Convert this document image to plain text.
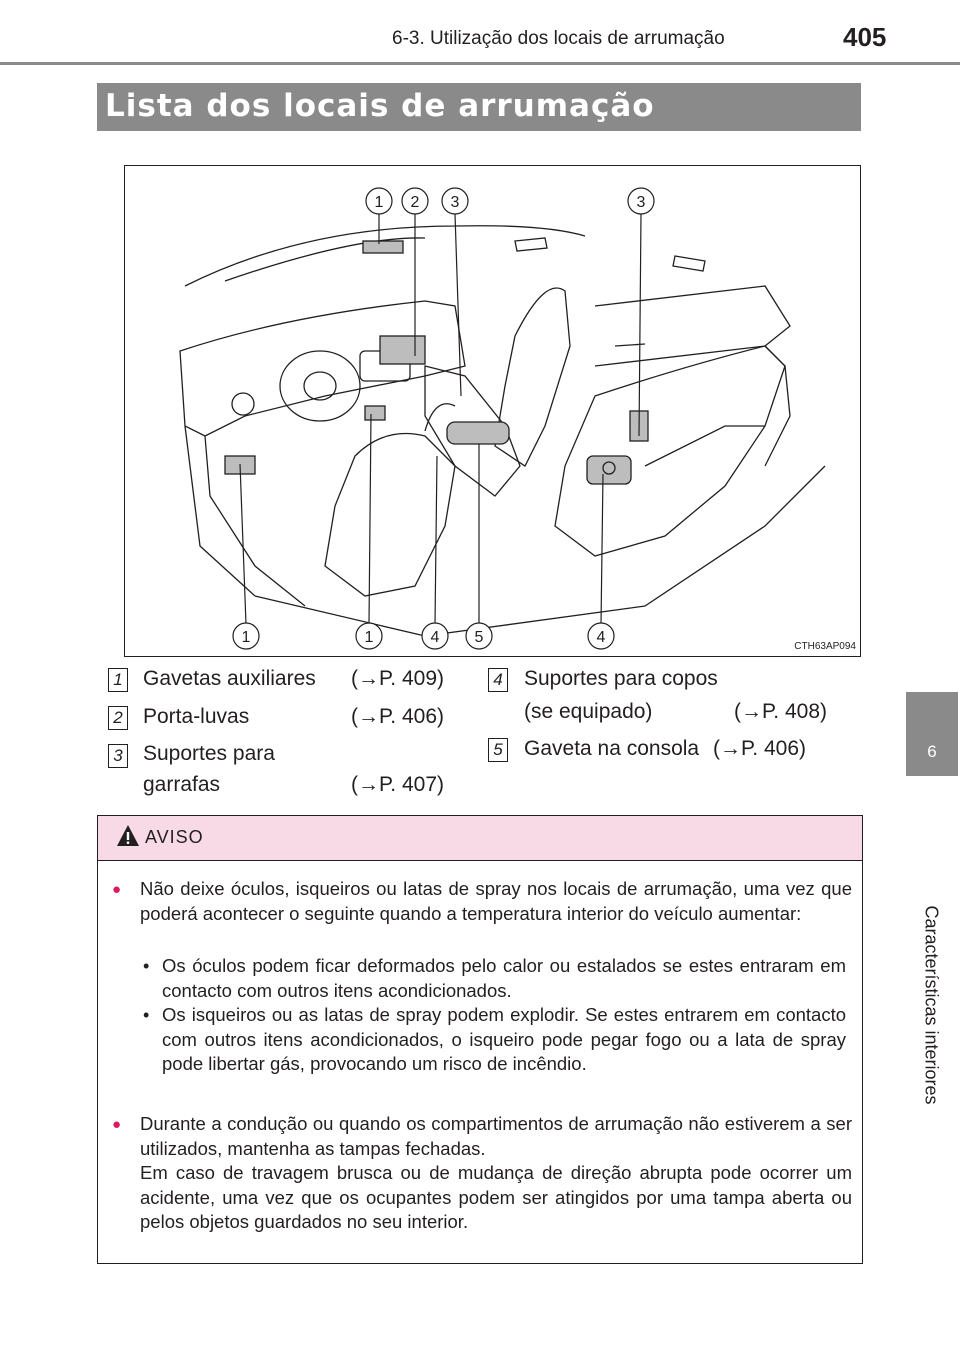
6-3. Utilização dos locais de arrumação	405
6
Características interiores
Lista dos locais de arrumação
1 2 3	3
1	1	4 5	4
CTH63AP094
1 Gavetas auxiliares (→P. 409)
2 Porta-luvas	(→P. 406)
3 Suportes para
garrafas	(→P. 407)
4 Suportes para copos
(se equipado)	(→P. 408)
5 Gaveta na consola (→P. 406)
AVISO
● Não deixe óculos, isqueiros ou latas de spray nos locais de arrumação, uma vez que poderá acontecer o seguinte quando a temperatura interior do veículo aumentar:
• Os óculos podem ficar deformados pelo calor ou estalados se estes entraram em contacto com outros itens acondicionados.
• Os isqueiros ou as latas de spray podem explodir. Se estes entrarem em contacto com outros itens acondicionados, o isqueiro pode pegar fogo ou a lata de spray pode libertar gás, provocando um risco de incêndio.
● Durante a condução ou quando os compartimentos de arrumação não estiverem a ser utilizados, mantenha as tampas fechadas.
Em caso de travagem brusca ou de mudança de direção abrupta pode ocorrer um acidente, uma vez que os ocupantes podem ser atingidos por uma tampa aberta ou pelos objetos guardados no seu interior.
